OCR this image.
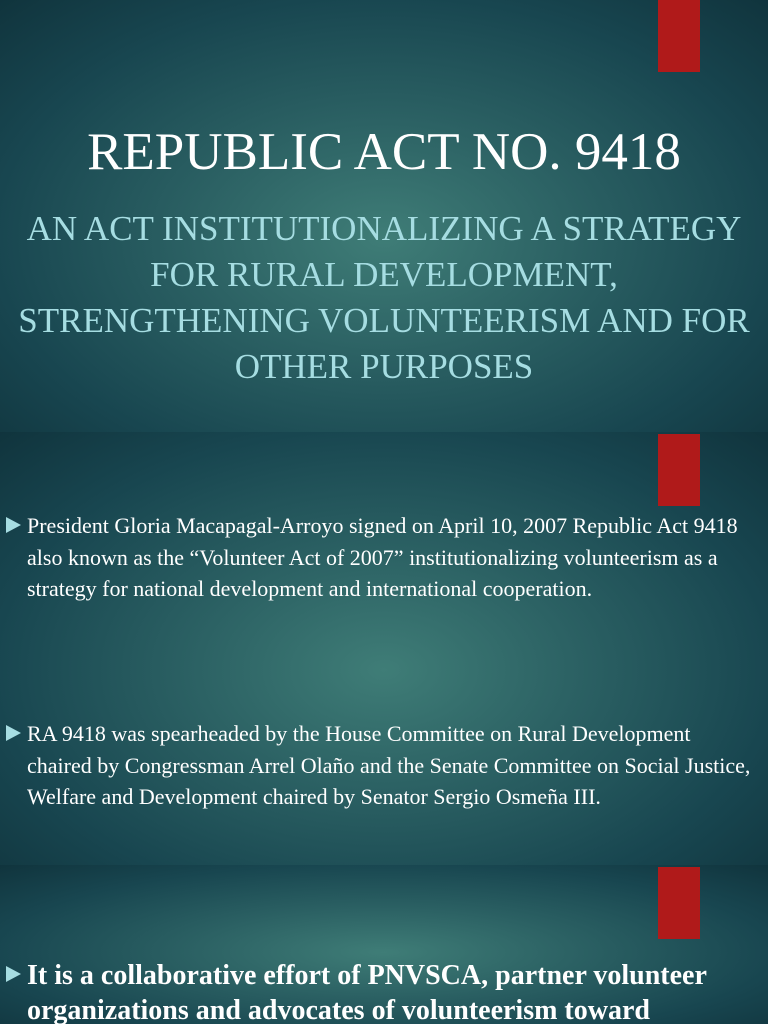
REPUBLIC ACT NO. 9418

AN ACT INSTITUTIONALIZING A STRATEGY FOR RURAL DEVELOPMENT, STRENGTHENING VOLUNTEERISM AND FOR OTHER PURPOSES

President Gloria Macapagal-Arroyo signed on April 10, 2007 Republic Act 9418 also known as the “Volunteer Act of 2007” institutionalizing volunteerism as a strategy for national development and international cooperation.
RA 9418 was spearheaded by the House Committee on Rural Development chaired by Congressman Arrel Olaño and the Senate Committee on Social Justice, Welfare and Development chaired by Senator Sergio Osmeña III.
It is a collaborative effort of PNVSCA, partner volunteer organizations and advocates of volunteerism toward
